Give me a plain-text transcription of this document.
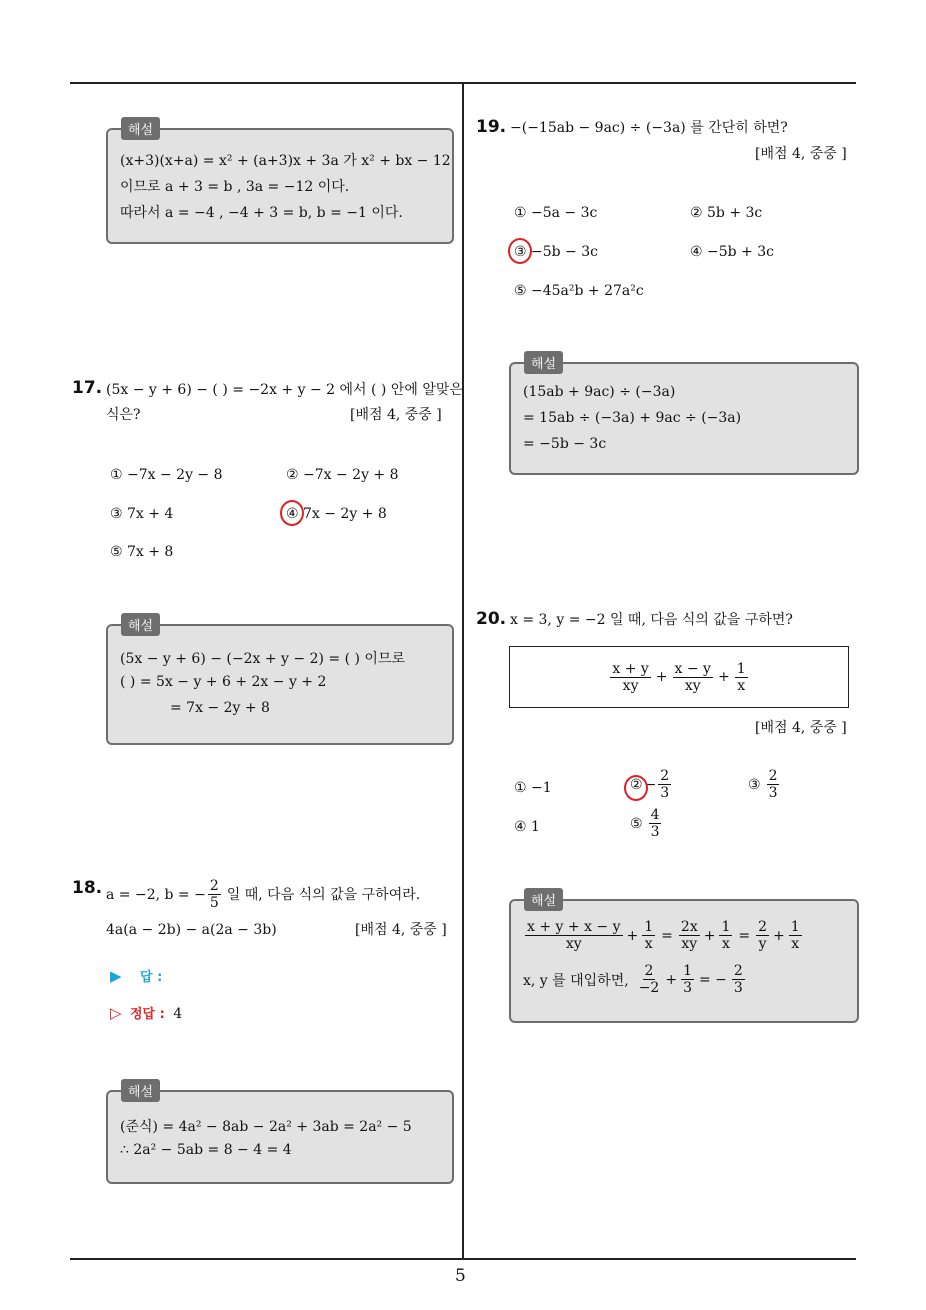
5
해설
(x+3)(x+a) = x² + (a+3)x + 3a 가 x² + bx − 12
이므로 a + 3 = b , 3a = −12 이다.
따라서 a = −4 , −4 + 3 = b, b = −1 이다.
17. (5x − y + 6) − ( ) = −2x + y − 2 에서 ( ) 안에 알맞은
식은?	[배점 4, 중중 ]
① −7x − 2y − 8	② −7x − 2y + 8
③ 7x + 4	④ 7x − 2y + 8
⑤ 7x + 8
해설
(5x − y + 6) − (−2x + y − 2) = ( ) 이므로
( ) = 5x − y + 6 + 2x − y + 2
= 7x − 2y + 8
18. a = −2, b = − $\frac{2}{5}$ 일 때, 다음 식의 값을 구하여라.
4a(a − 2b) − a(2a − 3b)	[배점 4, 중중 ]
▶ 답 :
▷ 정답 : 4
해설
(준식) = 4a² − 8ab − 2a² + 3ab = 2a² − 5
∴ 2a² − 5ab = 8 − 4 = 4
19. −(−15ab − 9ac) ÷ (−3a) 를 간단히 하면?
[배점 4, 중중 ]
① −5a − 3c	② 5b + 3c
③ −5b − 3c	④ −5b + 3c
⑤ −45a²b + 27a²c
해설
(15ab + 9ac) ÷ (−3a)
= 15ab ÷ (−3a) + 9ac ÷ (−3a)
= −5b − 3c
20. x = 3, y = −2 일 때, 다음 식의 값을 구하면?
$\frac{x + y}{xy} + \frac{x - y}{xy} + \frac{1}{x}$
[배점 4, 중중 ]
① −1	② − $\frac{2}{3}$	③ $\frac{2}{3}$
④ 1	⑤ $\frac{4}{3}$
해설
$\frac{x + y + x - y}{xy} + \frac{1}{x} = \frac{2x}{xy} + \frac{1}{x} = \frac{2}{y} + \frac{1}{x}$
x, y 를 대입하면, $\frac{2}{-2} + \frac{1}{3}$ = − $\frac{2}{3}$
